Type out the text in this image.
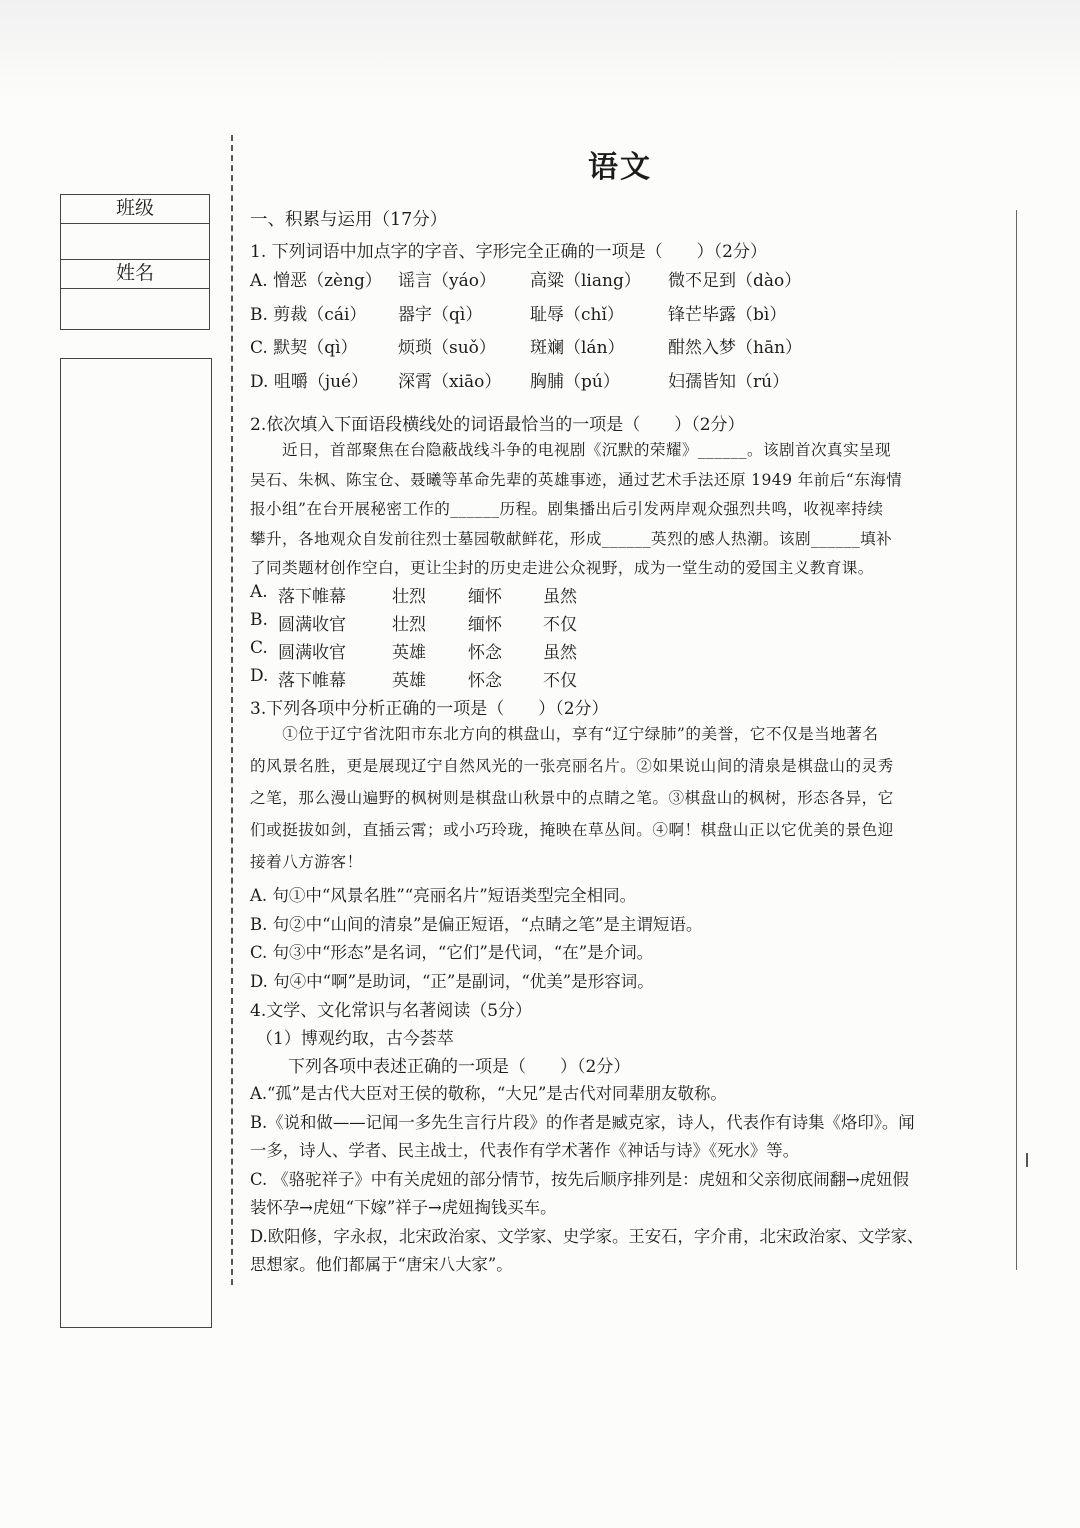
班级
姓名
语文
一、积累与运用（17分）
1. 下列词语中加点字的字音、字形完全正确的一项是（　　）（2分）
A. 憎恶（zèng） 谣言（yáo） 高粱（liang） 微不足到（dào）
B. 剪裁（cái） 器宇（qì）	耻辱（chǐ）	锋芒毕露（bì）
C. 默契（qì） 烦琐（suǒ） 斑斓（lán）	酣然入梦（hān）
D. 咀嚼（jué） 深霄（xiāo） 胸脯（pú）	妇孺皆知（rú）
2.依次填入下面语段横线处的词语最恰当的一项是（　　）（2分）
　　近日，首部聚焦在台隐蔽战线斗争的电视剧《沉默的荣耀》______。该剧首次真实呈现
吴石、朱枫、陈宝仓、聂曦等革命先辈的英雄事迹，通过艺术手法还原 1949 年前后“东海情
报小组”在台开展秘密工作的______历程。剧集播出后引发两岸观众强烈共鸣，收视率持续
攀升，各地观众自发前往烈士墓园敬献鲜花，形成______英烈的感人热潮。该剧______填补
了同类题材创作空白，更让尘封的历史走进公众视野，成为一堂生动的爱国主义教育课。
A. 落下帷幕	壮烈 缅怀 虽然
B. 圆满收官	壮烈 缅怀 不仅
C. 圆满收官	英雄 怀念 虽然
D. 落下帷幕	英雄 怀念 不仅
3.下列各项中分析正确的一项是（　　）（2分）
　　①位于辽宁省沈阳市东北方向的棋盘山，享有“辽宁绿肺”的美誉，它不仅是当地著名
的风景名胜，更是展现辽宁自然风光的一张亮丽名片。②如果说山间的清泉是棋盘山的灵秀
之笔，那么漫山遍野的枫树则是棋盘山秋景中的点睛之笔。③棋盘山的枫树，形态各异，它
们或挺拔如剑，直插云霄；或小巧玲珑，掩映在草丛间。④啊！棋盘山正以它优美的景色迎
接着八方游客！
A. 句①中“风景名胜”“亮丽名片”短语类型完全相同。
B. 句②中“山间的清泉”是偏正短语，“点睛之笔”是主谓短语。
C. 句③中“形态”是名词，“它们”是代词，“在”是介词。
D. 句④中“啊”是助词，“正”是副词，“优美”是形容词。
4.文学、文化常识与名著阅读（5分）
（1）博观约取，古今荟萃
下列各项中表述正确的一项是（　　）（2分）
A.“孤”是古代大臣对王侯的敬称，“大兄”是古代对同辈朋友敬称。
B.《说和做——记闻一多先生言行片段》的作者是臧克家，诗人，代表作有诗集《烙印》。闻
一多，诗人、学者、民主战士，代表作有学术著作《神话与诗》《死水》等。
C. 《骆驼祥子》中有关虎妞的部分情节，按先后顺序排列是：虎妞和父亲彻底闹翻→虎妞假
装怀孕→虎妞“下嫁”祥子→虎妞掏钱买车。
D.欧阳修，字永叔，北宋政治家、文学家、史学家。王安石，字介甫，北宋政治家、文学家、
思想家。他们都属于“唐宋八大家”。
